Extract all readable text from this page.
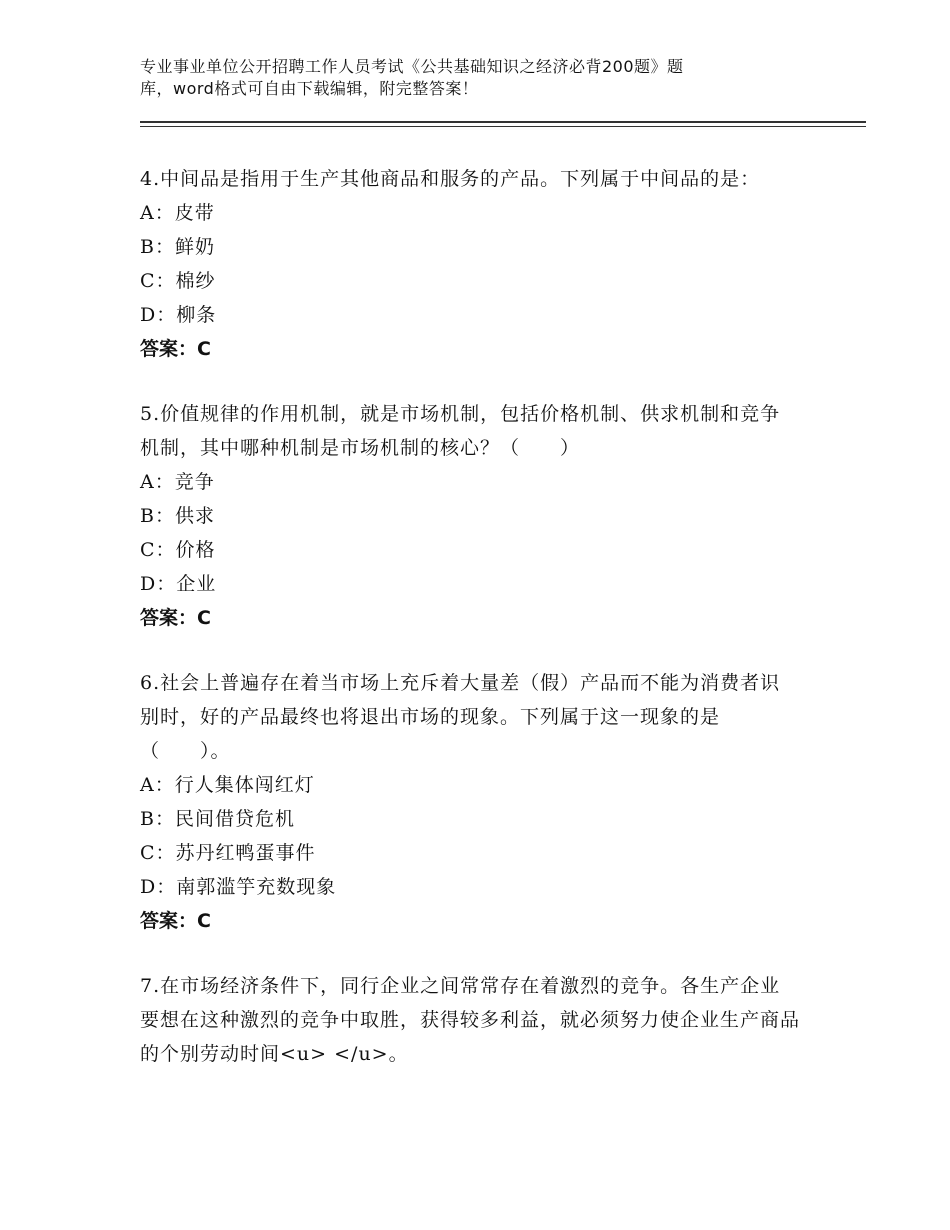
专业事业单位公开招聘工作人员考试《公共基础知识之经济必背200题》题
库，word格式可自由下载编辑，附完整答案！

4.中间品是指用于生产其他商品和服务的产品。下列属于中间品的是：

A：皮带

B：鲜奶

C：棉纱

D：柳条

答案：C

5.价值规律的作用机制，就是市场机制，包括价格机制、供求机制和竞争机制，其中哪种机制是市场机制的核心？（　　）

A：竞争

B：供求

C：价格

D：企业

答案：C

6.社会上普遍存在着当市场上充斥着大量差（假）产品而不能为消费者识别时，好的产品最终也将退出市场的现象。下列属于这一现象的是（　　）。

A：行人集体闯红灯

B：民间借贷危机

C：苏丹红鸭蛋事件

D：南郭滥竽充数现象

答案：C

7.在市场经济条件下，同行企业之间常常存在着激烈的竞争。各生产企业要想在这种激烈的竞争中取胜，获得较多利益，就必须努力使企业生产商品的个别劳动时间<u> </u>。
